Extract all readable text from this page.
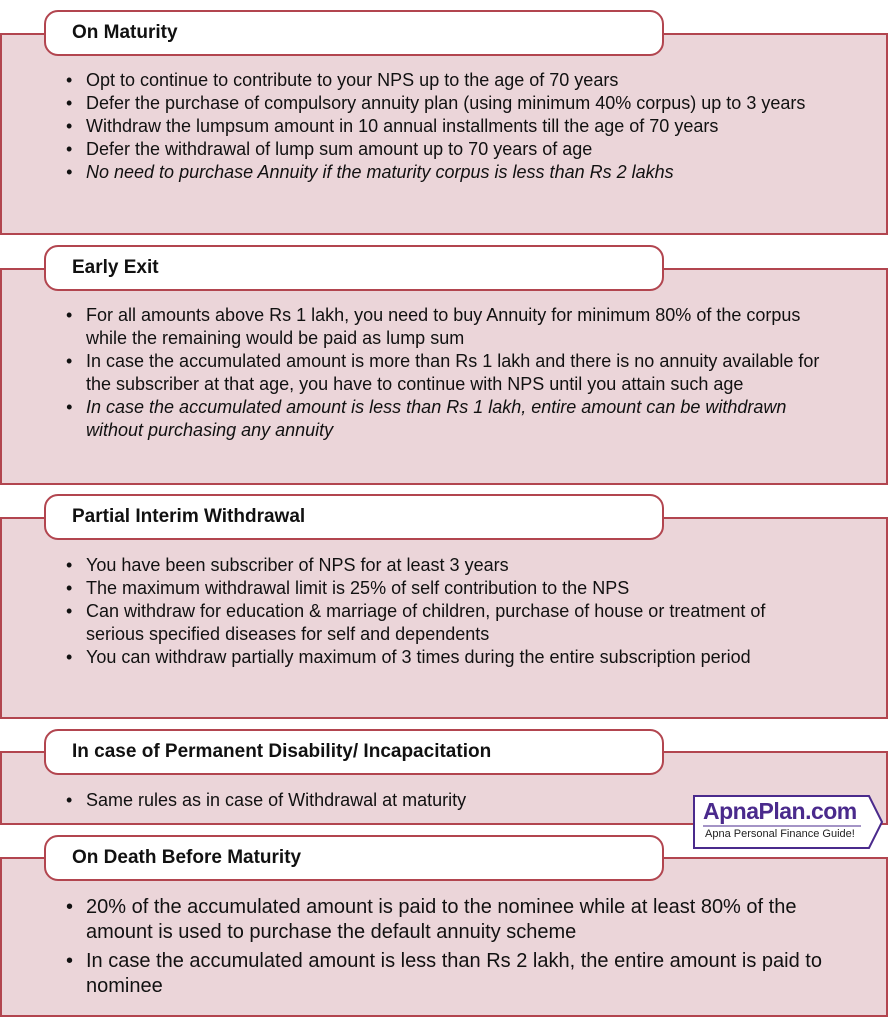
On Maturity
• Opt to continue to contribute to your NPS up to the age of 70 years
• Defer the purchase of compulsory annuity plan (using minimum 40% corpus) up to 3 years
• Withdraw the lumpsum amount in 10 annual installments till the age of 70 years
• Defer the withdrawal of lump sum amount up to 70 years of age
• No need to purchase Annuity if the maturity corpus is less than Rs 2 lakhs
Early Exit
• For all amounts above Rs 1 lakh, you need to buy Annuity for minimum 80% of the corpus while the remaining would be paid as lump sum
• In case the accumulated amount is more than Rs 1 lakh and there is no annuity available for the subscriber at that age, you have to continue with NPS until you attain such age
• In case the accumulated amount is less than Rs 1 lakh, entire amount can be withdrawn without purchasing any annuity
Partial Interim Withdrawal
• You have been subscriber of NPS for at least 3 years
• The maximum withdrawal limit is 25% of self contribution to the NPS
• Can withdraw for education & marriage of children, purchase of house or treatment of serious specified diseases for self and dependents
• You can withdraw partially maximum of 3 times during the entire subscription period
In case of Permanent Disability/ Incapacitation
• Same rules as in case of Withdrawal at maturity	ApnaPlan.com
Apna Personal Finance Guide!
On Death Before Maturity
• 20% of the accumulated amount is paid to the nominee while at least 80% of the amount is used to purchase the default annuity scheme
• In case the accumulated amount is less than Rs 2 lakh, the entire amount is paid to nominee
